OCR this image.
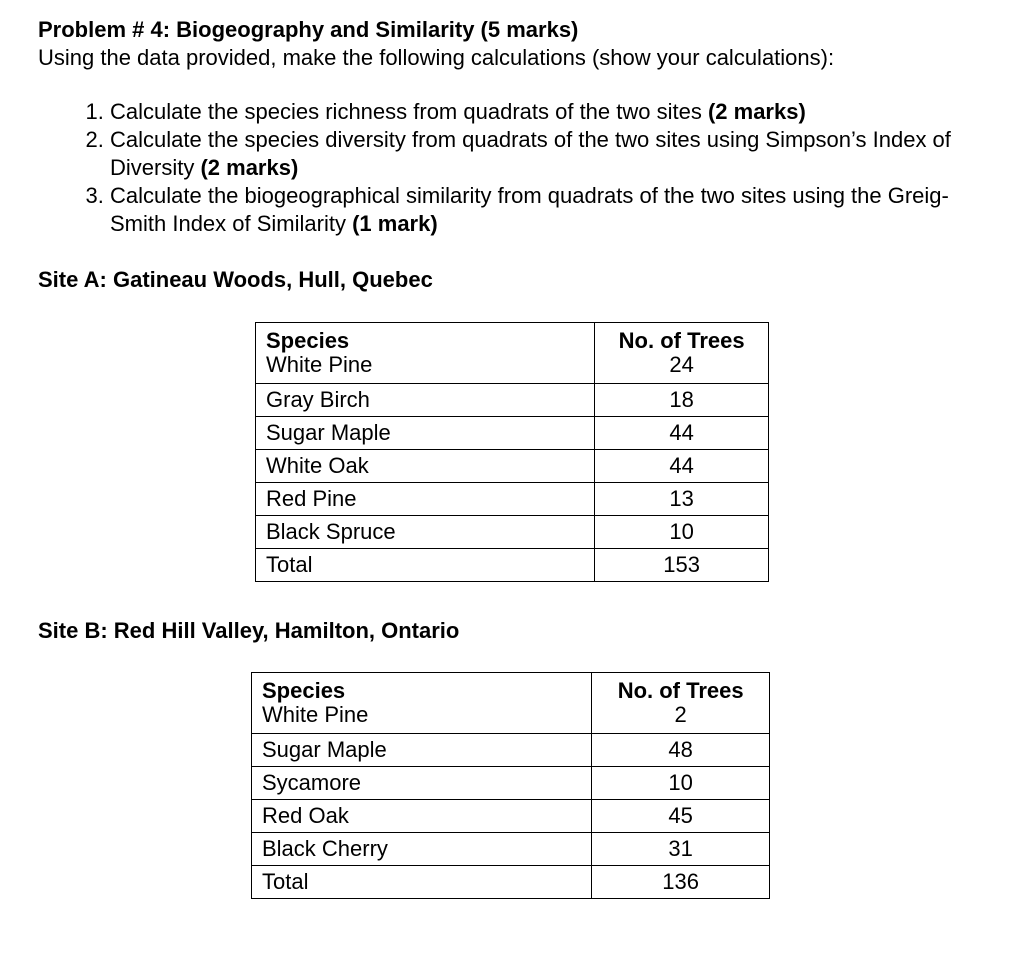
Problem # 4: Biogeography and Similarity (5 marks)

Using the data provided, make the following calculations (show your calculations):

1. Calculate the species richness from quadrats of the two sites (2 marks)
2. Calculate the species diversity from quadrats of the two sites using Simpson’s Index of Diversity (2 marks)
3. Calculate the biogeographical similarity from quadrats of the two sites using the Greig-Smith Index of Similarity (1 mark)

Site A: Gatineau Woods, Hull, Quebec

Species	No. of Trees
White Pine	24
Gray Birch	18
Sugar Maple	44
White Oak	44
Red Pine	13
Black Spruce	10
Total	153

Site B: Red Hill Valley, Hamilton, Ontario

Species	No. of Trees
White Pine	2
Sugar Maple	48
Sycamore	10
Red Oak	45
Black Cherry	31
Total	136
